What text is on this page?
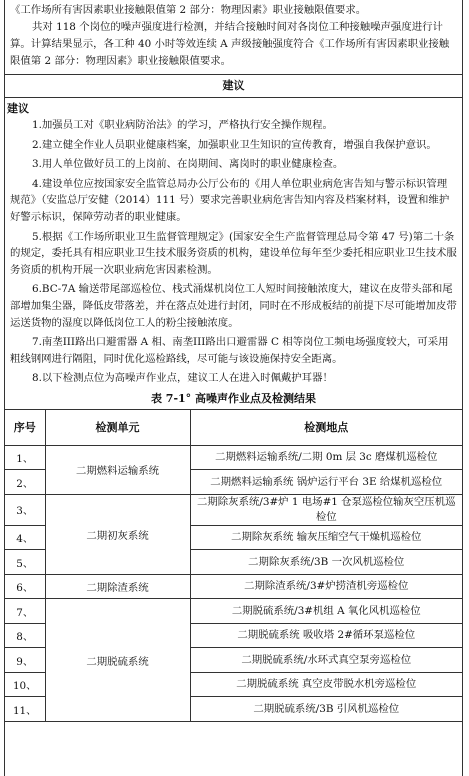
《工作场所有害因素职业接触限值第 2 部分：物理因素》职业接触限值要求。

共对 118 个岗位的噪声强度进行检测，并结合接触时间对各岗位工种接触噪声强度进行计算。计算结果显示，各工种 40 小时等效连续 A 声级接触强度符合《工作场所有害因素职业接触限值第 2 部分：物理因素》职业接触限值要求。

建议
建议

1.加强员工对《职业病防治法》的学习，严格执行安全操作规程。

2.建立健全作业人员职业健康档案，加强职业卫生知识的宣传教育，增强自我保护意识。

3.用人单位做好员工的上岗前、在岗期间、离岗时的职业健康检查。

4.建设单位应按国家安全监管总局办公厅公布的《用人单位职业病危害告知与警示标识管理规范》（安监总厅安健（2014）111 号）要求完善职业病危害告知内容及档案材料，设置和维护好警示标识，保障劳动者的职业健康。

5.根据《工作场所职业卫生监督管理规定》(国家安全生产监督管理总局令第 47 号)第二十条的规定，委托具有相应职业卫生技术服务资质的机构，建设单位每年至少委托相应职业卫生技术服务资质的机构开展一次职业病危害因素检测。

6.BC-7A 输送带尾部巡检位、栈式涌煤机岗位工人短时间接触浓度大，建议在皮带头部和尾部增加集尘器，降低皮带落差，并在落点处进行封闭，同时在不形成板结的前提下尽可能增加皮带运送货物的湿度以降低岗位工人的粉尘接触浓度。

7.南垄III路出口避雷器 A 相、南垄III路出口避雷器 C 相等岗位工频电场强度较大，可采用粗线钢网进行隔阻，同时优化巡检路线，尽可能与该设施保持安全距离。

8.以下检测点位为高噪声作业点，建议工人在进入时佩戴护耳器！

表 7-1° 高噪声作业点及检测结果
序号	检测单元	检测地点
1、	二期燃料运输系统	二期燃料运输系统/二期 0m 层 3c 磨煤机巡检位
2、		二期燃料运输系统 锅炉运行平台 3E 给煤机巡检位
3、	二期初灰系统	二期除灰系统/3#炉 1 电场#1 仓泵巡检位输灰空压机巡检位
4、		二期除灰系统 输灰压缩空气干燥机巡检位
5、		二期除灰系统/3B 一次风机巡检位
6、	二期除渣系统	二期除渣系统/3#炉捞渣机旁巡检位
7、	二期脱硫系统	二期脱硫系统/3#机组 A 氧化风机巡检位
8、		二期脱硫系统 吸收塔 2#循环泵巡检位
9、		二期脱硫系统/水环式真空泵旁巡检位
10、		二期脱硫系统 真空皮带脱水机旁巡检位
11、		二期脱硫系统/3B 引风机巡检位
